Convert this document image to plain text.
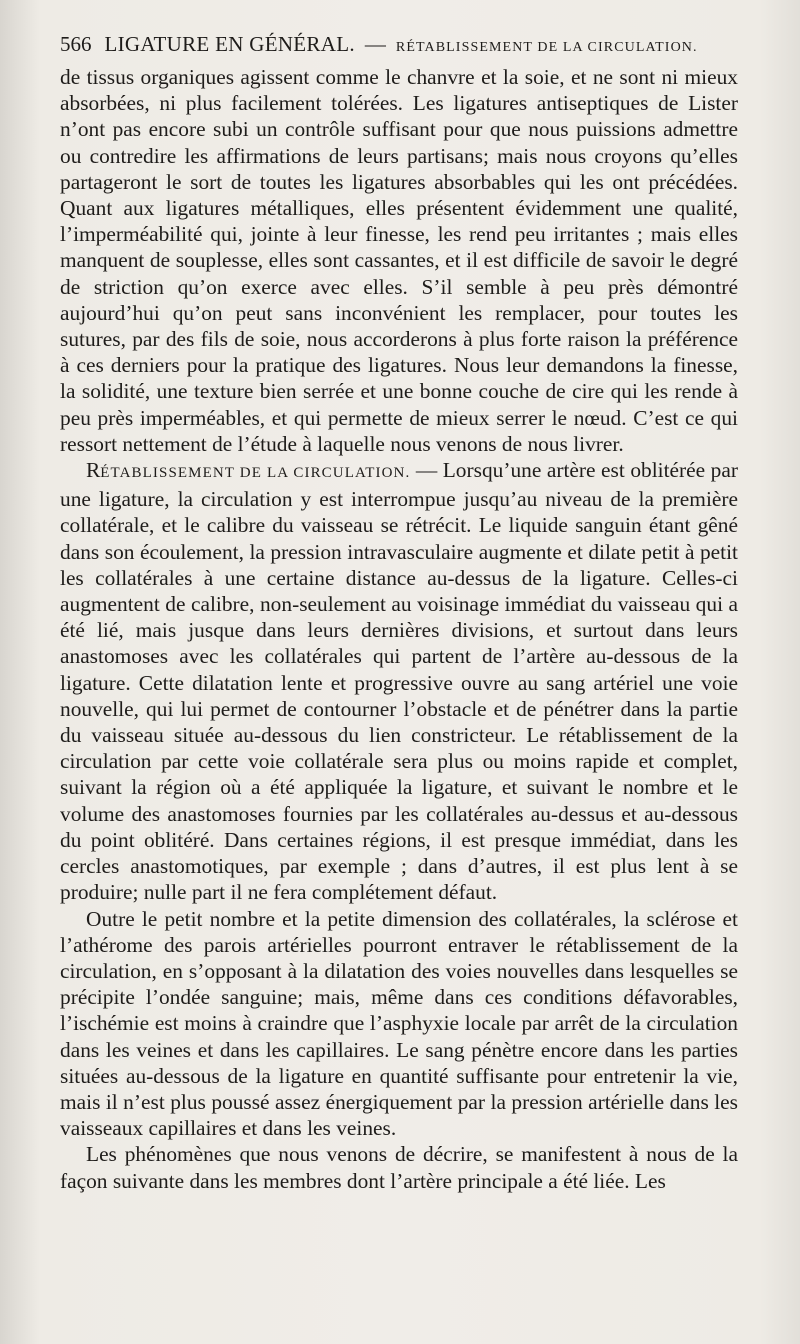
566 LIGATURE EN GÉNÉRAL. — RÉTABLISSEMENT DE LA CIRCULATION.

de tissus organiques agissent comme le chanvre et la soie, et ne sont ni mieux absorbées, ni plus facilement tolérées. Les ligatures antiseptiques de Lister n’ont pas encore subi un contrôle suffisant pour que nous puissions admettre ou contredire les affirmations de leurs partisans; mais nous croyons qu’elles partageront le sort de toutes les ligatures absorbables qui les ont précédées. Quant aux ligatures métalliques, elles présentent évidemment une qualité, l’imperméabilité qui, jointe à leur finesse, les rend peu irritantes ; mais elles manquent de souplesse, elles sont cassantes, et il est difficile de savoir le degré de striction qu’on exerce avec elles. S’il semble à peu près démontré aujourd’hui qu’on peut sans inconvénient les remplacer, pour toutes les sutures, par des fils de soie, nous accorderons à plus forte raison la préférence à ces derniers pour la pratique des ligatures. Nous leur demandons la finesse, la solidité, une texture bien serrée et une bonne couche de cire qui les rende à peu près imperméables, et qui permette de mieux serrer le nœud. C’est ce qui ressort nettement de l’étude à laquelle nous venons de nous livrer.

RÉTABLISSEMENT DE LA CIRCULATION. — Lorsqu’une artère est oblitérée par une ligature, la circulation y est interrompue jusqu’au niveau de la première collatérale, et le calibre du vaisseau se rétrécit. Le liquide sanguin étant gêné dans son écoulement, la pression intravasculaire augmente et dilate petit à petit les collatérales à une certaine distance au-dessus de la ligature. Celles-ci augmentent de calibre, non-seulement au voisinage immédiat du vaisseau qui a été lié, mais jusque dans leurs dernières divisions, et surtout dans leurs anastomoses avec les collatérales qui partent de l’artère au-dessous de la ligature. Cette dilatation lente et progressive ouvre au sang artériel une voie nouvelle, qui lui permet de contourner l’obstacle et de pénétrer dans la partie du vaisseau située au-dessous du lien constricteur. Le rétablissement de la circulation par cette voie collatérale sera plus ou moins rapide et complet, suivant la région où a été appliquée la ligature, et suivant le nombre et le volume des anastomoses fournies par les collatérales au-dessus et au-dessous du point oblitéré. Dans certaines régions, il est presque immédiat, dans les cercles anastomotiques, par exemple ; dans d’autres, il est plus lent à se produire; nulle part il ne fera complétement défaut.

Outre le petit nombre et la petite dimension des collatérales, la sclérose et l’athérome des parois artérielles pourront entraver le rétablissement de la circulation, en s’opposant à la dilatation des voies nouvelles dans lesquelles se précipite l’ondée sanguine; mais, même dans ces conditions défavorables, l’ischémie est moins à craindre que l’asphyxie locale par arrêt de la circulation dans les veines et dans les capillaires. Le sang pénètre encore dans les parties situées au-dessous de la ligature en quantité suffisante pour entretenir la vie, mais il n’est plus poussé assez énergiquement par la pression artérielle dans les vaisseaux capillaires et dans les veines.

Les phénomènes que nous venons de décrire, se manifestent à nous de la façon suivante dans les membres dont l’artère principale a été liée. Les
